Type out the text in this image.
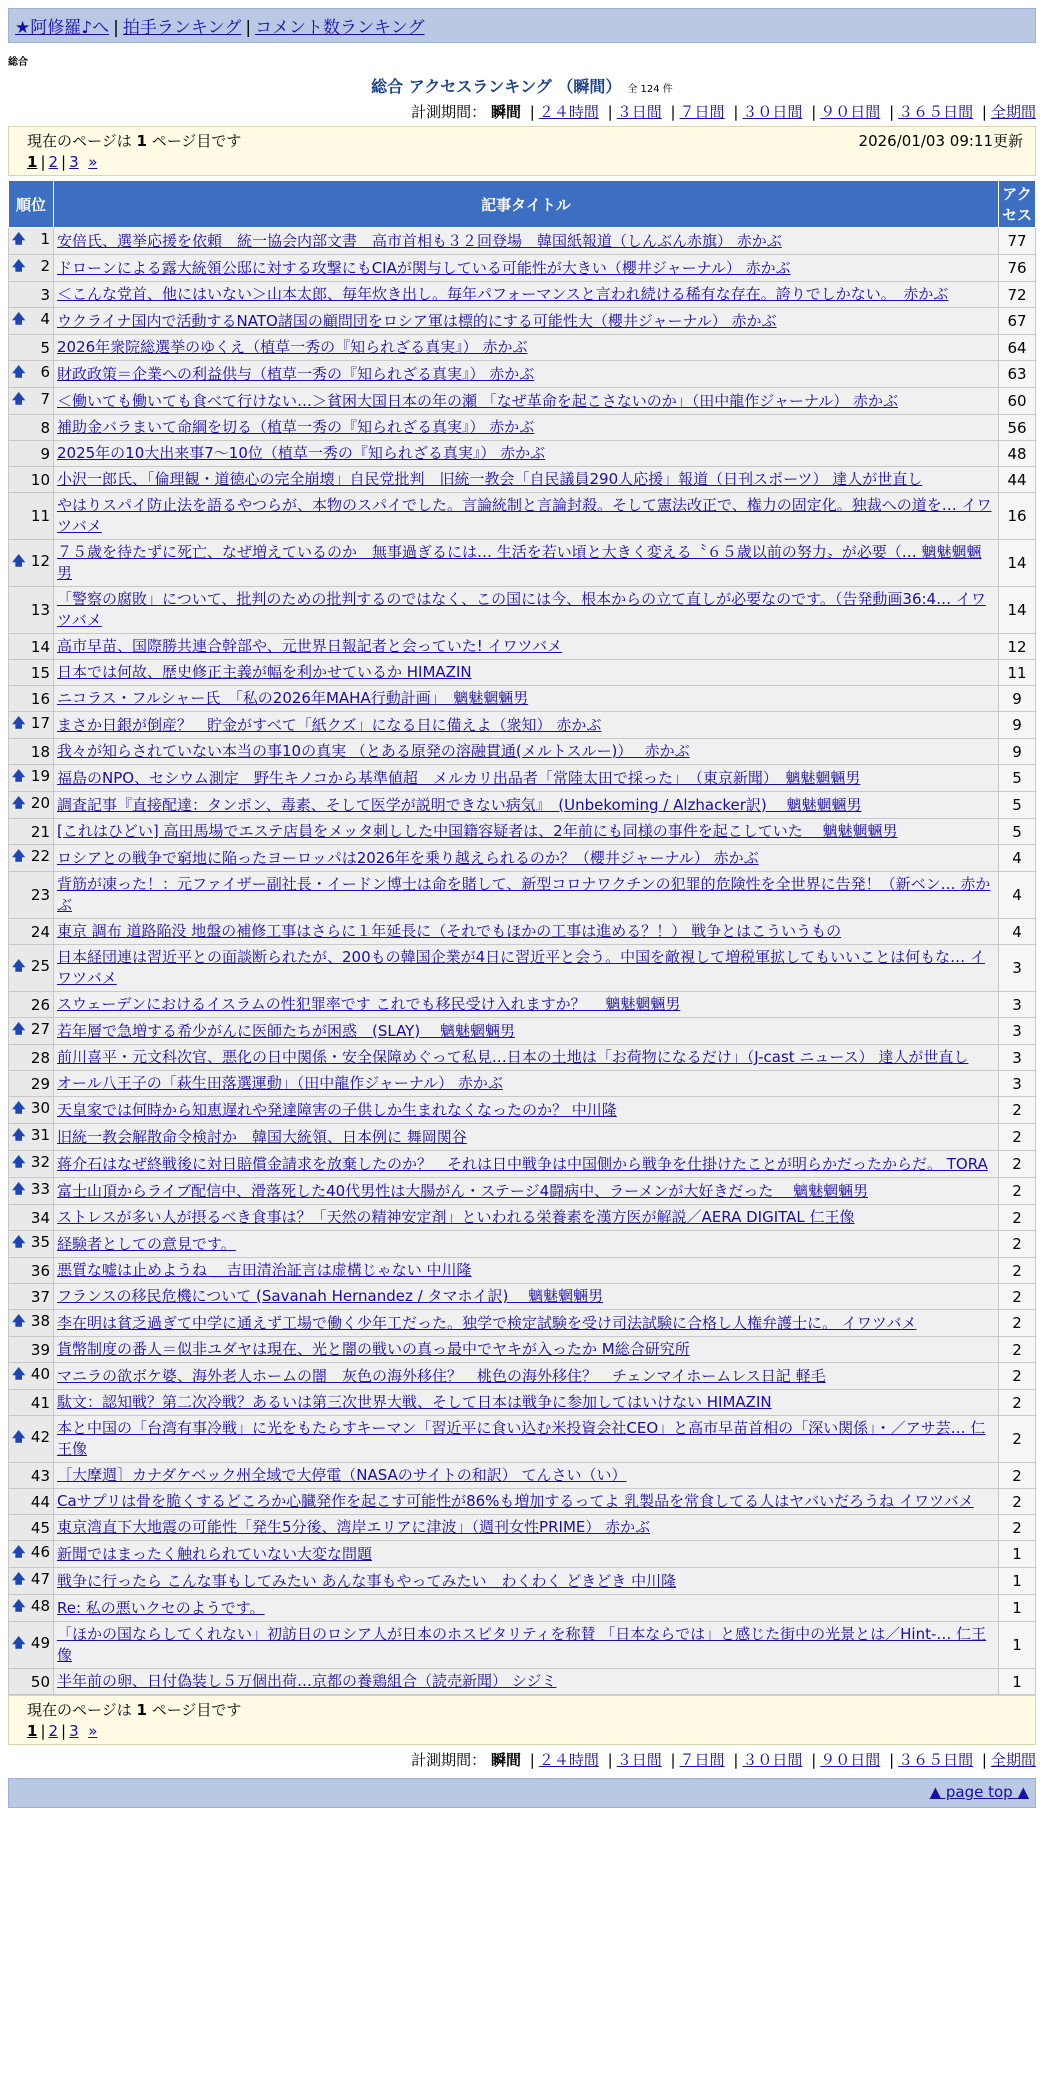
★阿修羅♪へ | 拍手ランキング | コメント数ランキング
総合
総合 アクセスランキング （瞬間） 全 124 件
計測期間： 瞬間 | ２４時間 | ３日間 | ７日間 | ３０日間 | ９０日間 | ３６５日間 | 全期間
現在のページは 1 ページ目です	2026/01/03 09:11更新
1 | 2 | 3 »
順位	記事タイトル	アクセス

🡅 1	安倍氏、選挙応援を依頼　統一協会内部文書　高市首相も３２回登場　韓国紙報道（しんぶん赤旗） 赤かぶ	77

🡅 2	ドローンによる露大統領公邸に対する攻撃にもCIAが関与している可能性が大きい（櫻井ジャーナル） 赤かぶ	76
3	＜こんな党首、他にはいない＞山本太郎、毎年炊き出し。毎年パフォーマンスと言われ続ける稀有な存在。誇りでしかない。　赤かぶ	72

🡅 4	ウクライナ国内で活動するNATO諸国の顧問団をロシア軍は標的にする可能性大（櫻井ジャーナル） 赤かぶ	67
5	2026年衆院総選挙のゆくえ（植草一秀の『知られざる真実』） 赤かぶ	64

🡅 6	財政政策＝企業への利益供与（植草一秀の『知られざる真実』） 赤かぶ	63

🡅 7	＜働いても働いても食べて行けない…＞貧困大国日本の年の瀬 「なぜ革命を起こさないのか」（田中龍作ジャーナル） 赤かぶ	60
8	補助金バラまいて命綱を切る（植草一秀の『知られざる真実』） 赤かぶ	56
9	2025年の10大出来事7～10位（植草一秀の『知られざる真実』） 赤かぶ	48
10	小沢一郎氏、「倫理観・道徳心の完全崩壊」自民党批判　旧統一教会「自民議員290人応援」報道（日刊スポーツ） 達人が世直し	44
11	やはりスパイ防止法を語るやつらが、本物のスパイでした。言論統制と言論封殺。そして憲法改正で、権力の固定化。独裁への道を… イワツバメ	16

🡅 12	７５歳を待たずに死亡、なぜ増えているのか　無事過ぎるには… 生活を若い頃と大きく変える〝６５歳以前の努力〟が必要（… 魑魅魍魎男	14
13	「警察の腐敗」について、批判のための批判するのではなく、この国には今、根本からの立て直しが必要なのです。（告発動画36:4… イワツバメ	14
14	高市早苗、国際勝共連合幹部や、元世界日報記者と会っていた! イワツバメ	12
15	日本では何故、歴史修正主義が幅を利かせているか HIMAZIN	11
16	ニコラス・フルシャー氏　「私の2026年MAHA行動計画」　魑魅魍魎男	9

🡅 17	まさか日銀が倒産？　貯金がすべて「紙クズ」になる日に備えよ（衆知） 赤かぶ	9
18	我々が知らされていない本当の事10の真実 （とある原発の溶融貫通(メルトスルー)）　 赤かぶ	9

🡅 19	福島のNPO、セシウム測定　野生キノコから基準値超　メルカリ出品者「常陸太田で採った」　（東京新聞）　魑魅魍魎男	5

🡅 20	調査記事『直接配達：タンポン、毒素、そして医学が説明できない病気』　(Unbekoming / Alzhacker訳)　 魑魅魍魎男	5
21	[これはひどい] 高田馬場でエステ店員をメッタ刺しした中国籍容疑者は、2年前にも同様の事件を起こしていた　 魑魅魍魎男	5

🡅 22	ロシアとの戦争で窮地に陥ったヨーロッパは2026年を乗り越えられるのか？（櫻井ジャーナル） 赤かぶ	4
23	背筋が凍った！：元ファイザー副社長・イードン博士は命を賭して、新型コロナワクチンの犯罪的危険性を全世界に告発！（新ベン… 赤かぶ	4
24	東京 調布 道路陥没 地盤の補修工事はさらに１年延長に（それでもほかの工事は進める？！） 戦争とはこういうもの	4

🡅 25	日本経団連は習近平との面談断られたが、200もの韓国企業が4日に習近平と会う。中国を敵視して増税軍拡してもいいことは何もな… イワツバメ	3
26	スウェーデンにおけるイスラムの性犯罪率です これでも移民受け入れますか？　 魑魅魍魎男	3

🡅 27	若年層で急増する希少がんに医師たちが困惑　(SLAY)　 魑魅魍魎男	3
28	前川喜平・元文科次官、悪化の日中関係・安全保障めぐって私見…日本の土地は「お荷物になるだけ」（J-cast ニュース） 達人が世直し	3
29	オール八王子の「萩生田落選運動」（田中龍作ジャーナル） 赤かぶ	3

🡅 30	天皇家では何時から知恵遅れや発達障害の子供しか生まれなくなったのか？ 中川隆	2

🡅 31	旧統一教会解散命令検討か　韓国大統領、日本例に 舞岡関谷	2

🡅 32	蒋介石はなぜ終戦後に対日賠償金請求を放棄したのか？　それは日中戦争は中国側から戦争を仕掛けたことが明らかだったからだ。 TORA	2

🡅 33	富士山頂からライブ配信中、滑落死した40代男性は大腸がん・ステージ4闘病中、ラーメンが大好きだった　 魑魅魍魎男	2
34	ストレスが多い人が摂るべき食事は？「天然の精神安定剤」といわれる栄養素を漢方医が解説／AERA DIGITAL 仁王像	2

🡅 35	経験者としての意見です。	2
36	悪質な嘘は止めようね ＿吉田清治証言は虚構じゃない 中川隆	2
37	フランスの移民危機について (Savanah Hernandez / タマホイ訳)　 魑魅魍魎男	2

🡅 38	李在明は貧乏過ぎて中学に通えず工場で働く少年工だった。独学で検定試験を受け司法試験に合格し人権弁護士に。 イワツバメ	2
39	貨幣制度の番人＝似非ユダヤは現在、光と闇の戦いの真っ最中でヤキが入ったか M総合研究所	2

🡅 40	マニラの欲ボケ婆、海外老人ホームの闇　灰色の海外移住？　桃色の海外移住？　チェンマイホームレス日記 軽毛	2
41	駄文：認知戦？第二次冷戦？あるいは第三次世界大戦、そして日本は戦争に参加してはいけない HIMAZIN	2

🡅 42	本と中国の「台湾有事冷戦」に光をもたらすキーマン「習近平に食い込む米投資会社CEO」と高市早苗首相の「深い関係」・／アサ芸… 仁王像	2
43	［大摩週］カナダケベック州全域で大停電（NASAのサイトの和訳） てんさい（い）	2
44	Caサプリは骨を脆くするどころか心臓発作を起こす可能性が86%も増加するってよ 乳製品を常食してる人はヤバいだろうね イワツバメ	2
45	東京湾直下大地震の可能性「発生5分後、湾岸エリアに津波」（週刊女性PRIME） 赤かぶ	2

🡅 46	新聞ではまったく触れられていない大変な問題	1

🡅 47	戦争に行ったら こんな事もしてみたい あんな事もやってみたい＿わくわく どきどき 中川隆	1

🡅 48	Re: 私の悪いクセのようです。	1

🡅 49	「ほかの国ならしてくれない」初訪日のロシア人が日本のホスピタリティを称賛 「日本ならでは」と感じた街中の光景とは／Hint-… 仁王像	1
50	半年前の卵、日付偽装し５万個出荷…京都の養鶏組合（読売新聞） シジミ	1
現在のページは 1 ページ目です
1 | 2 | 3 »
計測期間： 瞬間 | ２４時間 | ３日間 | ７日間 | ３０日間 | ９０日間 | ３６５日間 | 全期間
▲ page top ▲
